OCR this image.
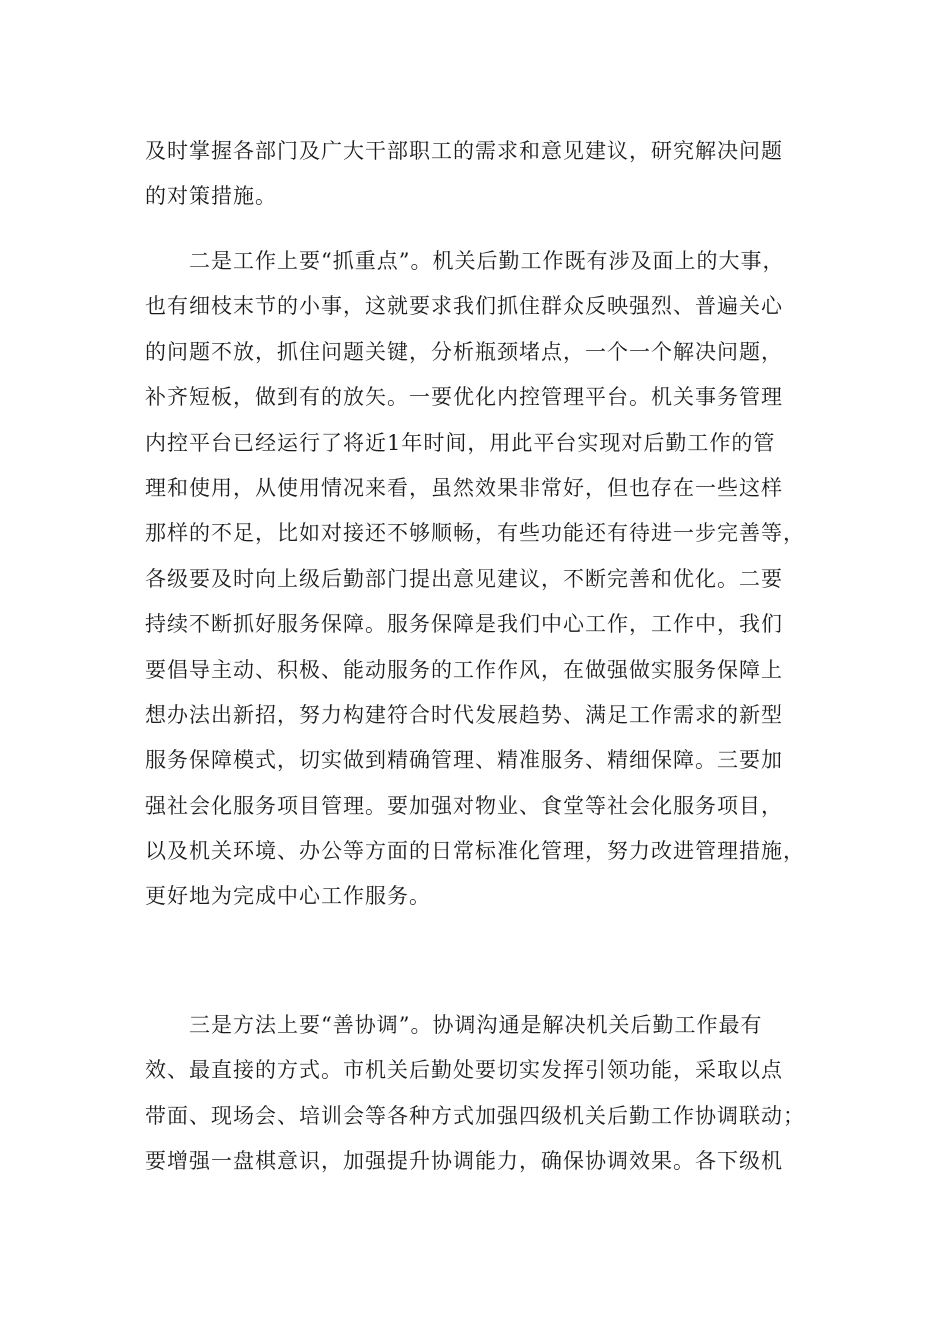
及时掌握各部门及广大干部职工的需求和意见建议，研究解决问题
的对策措施。
二是工作上要“抓重点”。机关后勤工作既有涉及面上的大事，
也有细枝末节的小事，这就要求我们抓住群众反映强烈、普遍关心
的问题不放，抓住问题关键，分析瓶颈堵点，一个一个解决问题，
补齐短板，做到有的放矢。一要优化内控管理平台。机关事务管理
内控平台已经运行了将近1年时间，用此平台实现对后勤工作的管
理和使用，从使用情况来看，虽然效果非常好，但也存在一些这样
那样的不足，比如对接还不够顺畅，有些功能还有待进一步完善等，
各级要及时向上级后勤部门提出意见建议，不断完善和优化。二要
持续不断抓好服务保障。服务保障是我们中心工作，工作中，我们
要倡导主动、积极、能动服务的工作作风，在做强做实服务保障上
想办法出新招，努力构建符合时代发展趋势、满足工作需求的新型
服务保障模式，切实做到精确管理、精准服务、精细保障。三要加
强社会化服务项目管理。要加强对物业、食堂等社会化服务项目，
以及机关环境、办公等方面的日常标准化管理，努力改进管理措施，
更好地为完成中心工作服务。
三是方法上要“善协调”。协调沟通是解决机关后勤工作最有
效、最直接的方式。市机关后勤处要切实发挥引领功能，采取以点
带面、现场会、培训会等各种方式加强四级机关后勤工作协调联动；
要增强一盘棋意识，加强提升协调能力，确保协调效果。各下级机
